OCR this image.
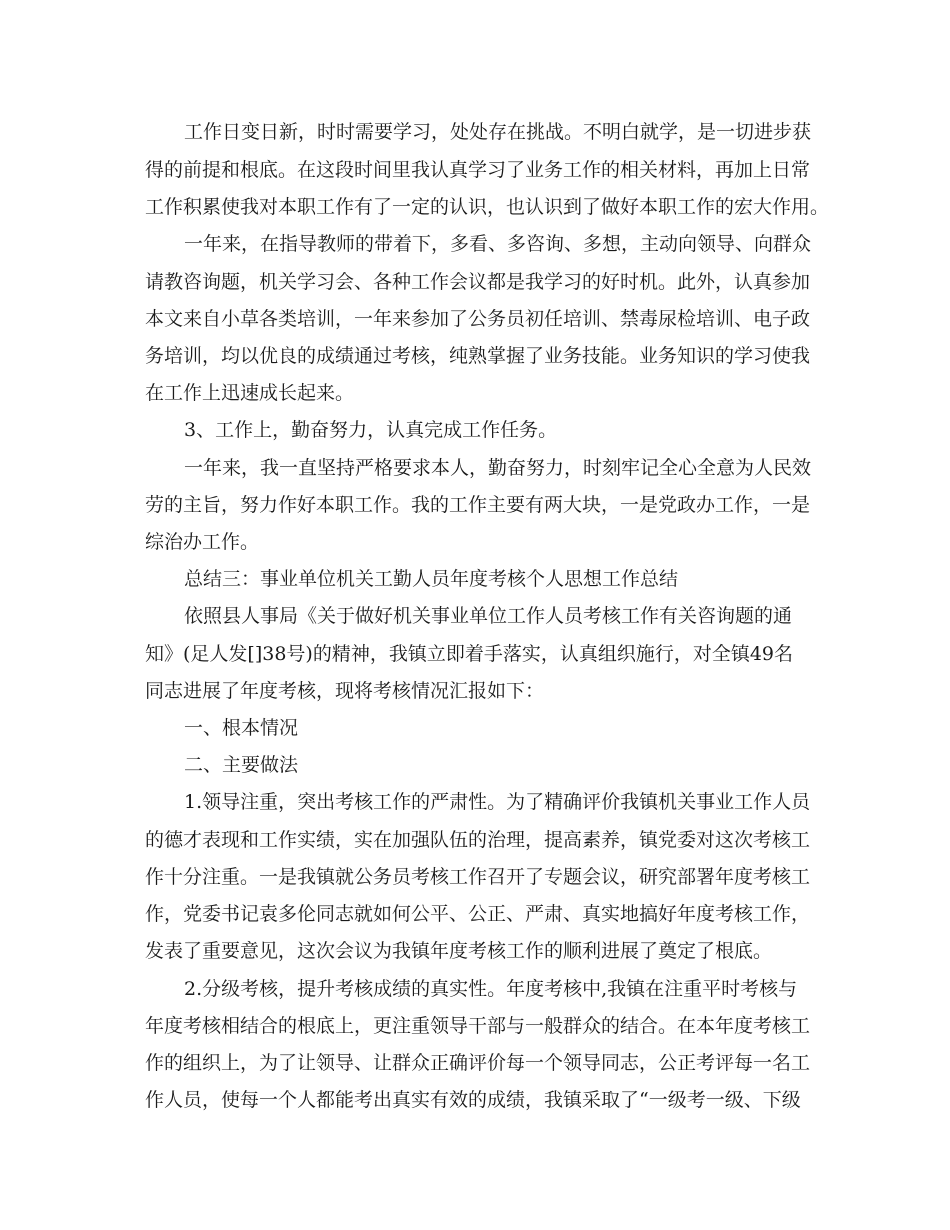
工作日变日新，时时需要学习，处处存在挑战。不明白就学，是一切进步获
得的前提和根底。在这段时间里我认真学习了业务工作的相关材料，再加上日常
工作积累使我对本职工作有了一定的认识，也认识到了做好本职工作的宏大作用。
一年来，在指导教师的带着下，多看、多咨询、多想，主动向领导、向群众
请教咨询题，机关学习会、各种工作会议都是我学习的好时机。此外，认真参加
本文来自小草各类培训，一年来参加了公务员初任培训、禁毒尿检培训、电子政
务培训，均以优良的成绩通过考核，纯熟掌握了业务技能。业务知识的学习使我
在工作上迅速成长起来。
3、工作上，勤奋努力，认真完成工作任务。
一年来，我一直坚持严格要求本人，勤奋努力，时刻牢记全心全意为人民效
劳的主旨，努力作好本职工作。我的工作主要有两大块，一是党政办工作，一是
综治办工作。
总结三：事业单位机关工勤人员年度考核个人思想工作总结
依照县人事局《关于做好机关事业单位工作人员考核工作有关咨询题的通
知》(足人发[]38号)的精神，我镇立即着手落实，认真组织施行，对全镇49名
同志进展了年度考核，现将考核情况汇报如下：
一、根本情况
二、主要做法
1.领导注重，突出考核工作的严肃性。为了精确评价我镇机关事业工作人员
的德才表现和工作实绩，实在加强队伍的治理，提高素养，镇党委对这次考核工
作十分注重。一是我镇就公务员考核工作召开了专题会议，研究部署年度考核工
作，党委书记袁多伦同志就如何公平、公正、严肃、真实地搞好年度考核工作，
发表了重要意见，这次会议为我镇年度考核工作的顺利进展了奠定了根底。
2.分级考核，提升考核成绩的真实性。年度考核中,我镇在注重平时考核与
年度考核相结合的根底上，更注重领导干部与一般群众的结合。在本年度考核工
作的组织上，为了让领导、让群众正确评价每一个领导同志，公正考评每一名工
作人员，使每一个人都能考出真实有效的成绩，我镇采取了“一级考一级、下级
